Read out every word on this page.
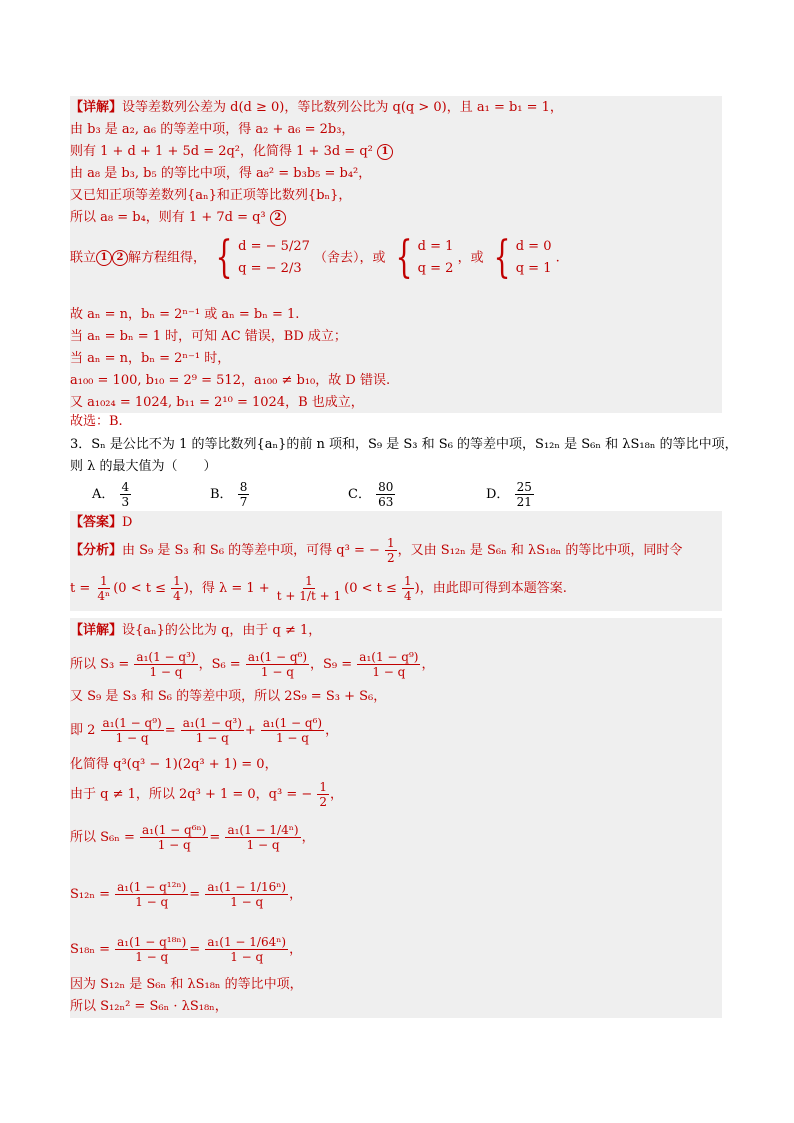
【详解】设等差数列公差为 d(d ≥ 0)，等比数列公比为 q(q > 0)，且 a₁ = b₁ = 1，
由 b₃ 是 a₂, a₆ 的等差中项，得 a₂ + a₆ = 2b₃，
则有 1 + d + 1 + 5d = 2q²，化简得 1 + 3d = q² 1
由 a₈ 是 b₃, b₅ 的等比中项，得 a₈² = b₃b₅ = b₄²，
又已知正项等差数列{aₙ}和正项等比数列{bₙ}，
所以 a₈ = b₄，则有 1 + 7d = q³ 2
联立 1 2 解方程组得， { d = − 5/27
q = − 2/3
（舍去），或 { d = 1
q = 2
，或 { d = 0
q = 1
.
故 aₙ = n，bₙ = 2ⁿ⁻¹ 或 aₙ = bₙ = 1.
当 aₙ = bₙ = 1 时，可知 AC 错误，BD 成立；
当 aₙ = n，bₙ = 2ⁿ⁻¹ 时，
a₁₀₀ = 100, b₁₀ = 2⁹ = 512，a₁₀₀ ≠ b₁₀，故 D 错误.
又 a₁₀₂₄ = 1024, b₁₁ = 2¹⁰ = 1024，B 也成立，
故选：B.
3．Sₙ 是公比不为 1 的等比数列{aₙ}的前 n 项和，S₉ 是 S₃ 和 S₆ 的等差中项，S₁₂ₙ 是 S₆ₙ 和 λS₁₈ₙ 的等比中项，
则 λ 的最大值为（　　）
A． $\frac{4}{3}$	B． $\frac{8}{7}$	C． $\frac{80}{63}$	D． $\frac{25}{21}$
【答案】D
【分析】由 S₉ 是 S₃ 和 S₆ 的等差中项，可得 q³ = − $\frac{1}{2}$ ，又由 S₁₂ₙ 是 S₆ₙ 和 λS₁₈ₙ 的等比中项，同时令
$t = \frac{1}{\text{4ⁿ}} (0 < t \le \frac{1}{4}$ )，得 $\lambda = 1 + \frac{1}{t + 1/t + 1} (0 < t \le \frac{1}{4}$ )，由此即可得到本题答案.
【详解】设{aₙ}的公比为 q，由于 q ≠ 1，
所以 $S_3 = \frac{\text{a₁(1 − q³)}}{1 - q}$ ，$S_6 = \frac{\text{a₁(1 − q⁶)}}{1 - q}$ ，$S_9 = \frac{\text{a₁(1 − q⁹)}}{1 - q}$ ，
又 S₉ 是 S₃ 和 S₆ 的等差中项，所以 2S₉ = S₃ + S₆，
即 $2 \frac{\text{a₁(1 − q⁹)}}{1 - q} = \frac{\text{a₁(1 − q³)}}{1 - q} + \frac{\text{a₁(1 − q⁶)}}{1 - q}$ ，
化简得 q³(q³ − 1)(2q³ + 1) = 0，
由于 q ≠ 1，所以 2q³ + 1 = 0，q³ = − $\frac{1}{2}$ ，
所以 $S_{6n} = \frac{\text{a₁(1 − q⁶ⁿ)}}{1 - q} = \frac{\text{a₁(1 − 1/4ⁿ)}}{1 - q}$ ，
$S_{12n} = \frac{\text{a₁(1 − q¹²ⁿ)}}{1 - q} = \frac{\text{a₁(1 − 1/16ⁿ)}}{1 - q}$ ，
$S_{18n} = \frac{\text{a₁(1 − q¹⁸ⁿ)}}{1 - q} = \frac{\text{a₁(1 − 1/64ⁿ)}}{1 - q}$ ，
因为 S₁₂ₙ 是 S₆ₙ 和 λS₁₈ₙ 的等比中项，
所以 S₁₂ₙ² = S₆ₙ · λS₁₈ₙ，
